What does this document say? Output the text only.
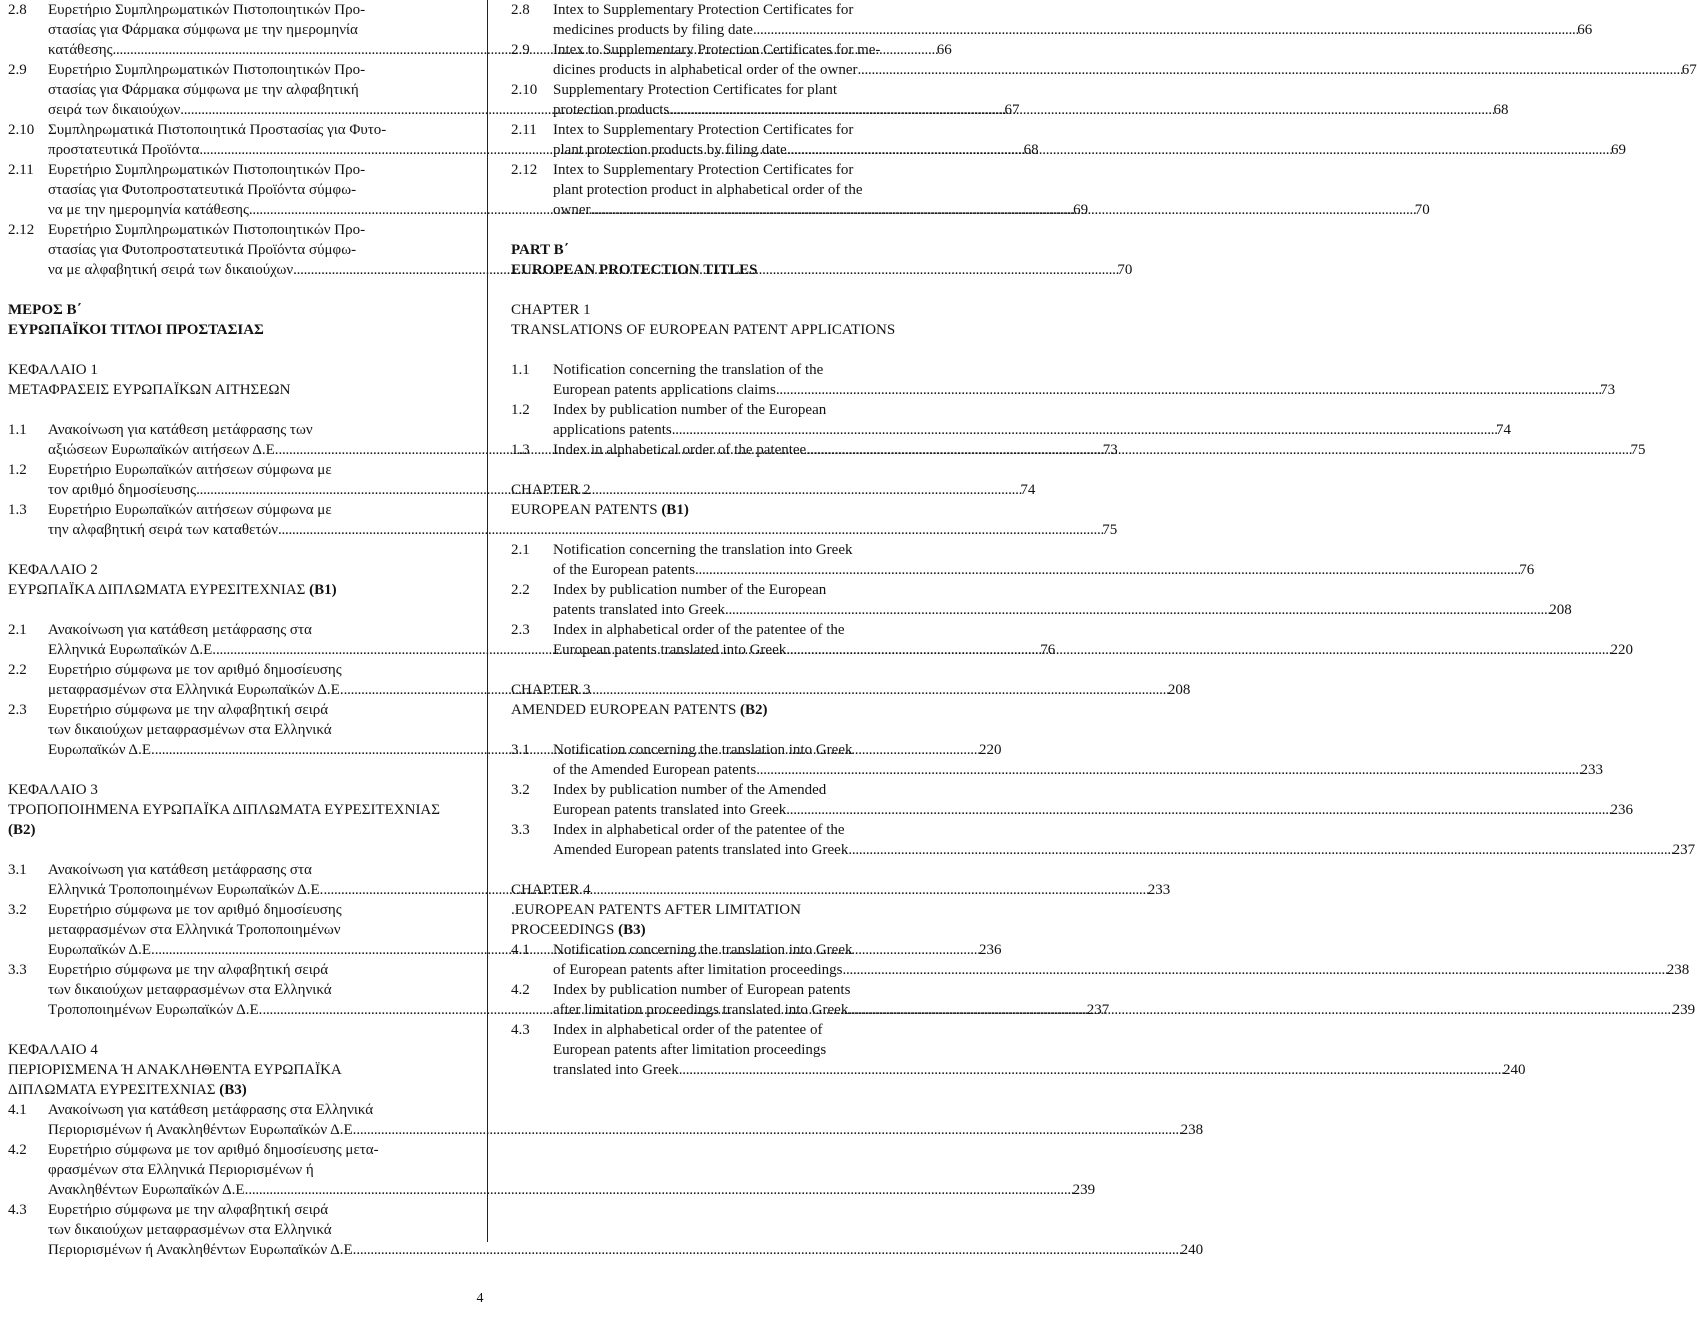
2.8	Ευρετήριο Συμπληρωματικών Πιστοποιητικών Προ-
στασίας για Φάρμακα σύμφωνα με την ημερομηνία
κατάθεσης . . .	66
2.9	Ευρετήριο Συμπληρωματικών Πιστοποιητικών Προ-
στασίας για Φάρμακα σύμφωνα με την αλφαβητική
σειρά των δικαιούχων . . .	67
2.10 Συμπληρωματικά Πιστοποιητικά Προστασίας για Φυτο-
προστατευτικά Προϊόντα . . .	68
2.11 Ευρετήριο Συμπληρωματικών Πιστοποιητικών Προ-
στασίας για Φυτοπροστατευτικά Προϊόντα σύμφω-
να με την ημερομηνία κατάθεσης . . .	69
2.12 Ευρετήριο Συμπληρωματικών Πιστοποιητικών Προ-
στασίας για Φυτοπροστατευτικά Προϊόντα σύμφω-
να με αλφαβητική σειρά των δικαιούχων . . .	70
ΜΕΡΟΣ Β΄
ΕΥΡΩΠΑΪΚΟΙ ΤΙΤΛΟΙ ΠΡΟΣΤΑΣΙΑΣ
ΚΕΦΑΛΑΙΟ 1
ΜΕΤΑΦΡΑΣΕΙΣ ΕΥΡΩΠΑΪΚΩΝ ΑΙΤΗΣΕΩΝ
1.1	Ανακοίνωση για κατάθεση μετάφρασης των
αξιώσεων Ευρωπαϊκών αιτήσεων Δ.Ε. . . .	73
1.2	Ευρετήριο Ευρωπαϊκών αιτήσεων σύμφωνα με
τον αριθμό δημοσίευσης . . .	74
1.3	Ευρετήριο Ευρωπαϊκών αιτήσεων σύμφωνα με
την αλφαβητική σειρά των καταθετών . . .	75
ΚΕΦΑΛΑΙΟ 2
ΕΥΡΩΠΑΪΚΑ ΔΙΠΛΩΜΑΤΑ ΕΥΡΕΣΙΤΕΧΝΙΑΣ (Β1)
2.1	Ανακοίνωση για κατάθεση μετάφρασης στα
Ελληνικά Ευρωπαϊκών Δ.Ε. . . .	76
2.2	Ευρετήριο σύμφωνα με τον αριθμό δημοσίευσης
μεταφρασμένων στα Ελληνικά Ευρωπαϊκών Δ.Ε. . . .	208
2.3	Ευρετήριο σύμφωνα με την αλφαβητική σειρά
των δικαιούχων μεταφρασμένων στα Ελληνικά
Ευρωπαϊκών Δ.Ε. . . .	220
ΚΕΦΑΛΑΙΟ 3
ΤΡΟΠΟΠΟΙΗΜΕΝΑ ΕΥΡΩΠΑΪΚΑ ΔΙΠΛΩΜΑΤΑ ΕΥΡΕΣΙΤΕΧΝΙΑΣ (Β2)
3.1	Ανακοίνωση για κατάθεση μετάφρασης στα
Ελληνικά Τροποποιημένων Ευρωπαϊκών Δ.Ε. . . .	233
3.2	Ευρετήριο σύμφωνα με τον αριθμό δημοσίευσης
μεταφρασμένων στα Ελληνικά Τροποποιημένων
Ευρωπαϊκών Δ.Ε. . . .	236
3.3	Ευρετήριο σύμφωνα με την αλφαβητική σειρά
των δικαιούχων μεταφρασμένων στα Ελληνικά
Τροποποιημένων Ευρωπαϊκών Δ.Ε. . . .	237
ΚΕΦΑΛΑΙΟ 4
ΠΕΡΙΟΡΙΣΜΕΝΑ Ή ΑΝΑΚΛΗΘΕΝΤΑ ΕΥΡΩΠΑΪΚΑ
ΔΙΠΛΩΜΑΤΑ ΕΥΡΕΣΙΤΕΧΝΙΑΣ (Β3)
4.1	Ανακοίνωση για κατάθεση μετάφρασης στα Ελληνικά
Περιορισμένων ή Ανακληθέντων Ευρωπαϊκών Δ.Ε. . . .	238
4.2	Ευρετήριο σύμφωνα με τον αριθμό δημοσίευσης μετα-
φρασμένων στα Ελληνικά Περιορισμένων ή
Ανακληθέντων Ευρωπαϊκών Δ.Ε. . . .	239
4.3	Ευρετήριο σύμφωνα με την αλφαβητική σειρά
των δικαιούχων μεταφρασμένων στα Ελληνικά
Περιορισμένων ή Ανακληθέντων Ευρωπαϊκών Δ.Ε. . . .	240
2.8	Intex to Supplementary Protection Certificates for
medicines products by filing date . . .	66
2.9	Intex to Supplementary Protection Certificates for me-
dicines products in alphabetical order of the owner . . .	67
2.10	Supplementary Protection Certificates for plant
protection products . . .	68
2.11	Intex to Supplementary Protection Certificates for
plant protection products by filing date . . .	69
2.12	Intex to Supplementary Protection Certificates for
plant protection product in alphabetical order of the
owner . . .	70
PART B΄
EUROPEAN PROTECTION TITLES
CHAPTER 1
TRANSLATIONS OF EUROPEAN PATENT APPLICATIONS
1.1	Notification concerning the translation of the
European patents applications claims . . .	73
1.2	Index by publication number of the European
applications patents . . .	74
1.3	Index in alphabetical order of the patentee . . .	75
CHAPTER 2
EUROPEAN PATENTS (B1)
2.1	Notification concerning the translation into Greek
of the European patents . . .	76
2.2	Index by publication number of the European
patents translated into Greek . . .	208
2.3	Index in alphabetical order of the patentee of the
European patents translated into Greek . . .	220
CHAPTER 3
AMENDED EUROPEAN PATENTS (B2)
3.1	Notification concerning the translation into Greek
of the Amended European patents . . .	233
3.2	Index by publication number of the Amended
European patents translated into Greek . . .	236
3.3	Index in alphabetical order of the patentee of the
Amended European patents translated into Greek . . .	237
CHAPTER 4
.EUROPEAN PATENTS AFTER LIMITATION
PROCEEDINGS (B3)
4.1	Notification concerning the translation into Greek
of European patents after limitation proceedings . . .	238
4.2	Index by publication number of European patents
after limitation proceedings translated into Greek . . .	239
4.3	Index in alphabetical order of the patentee of
European patents after limitation proceedings
translated into Greek . . .	240
4
